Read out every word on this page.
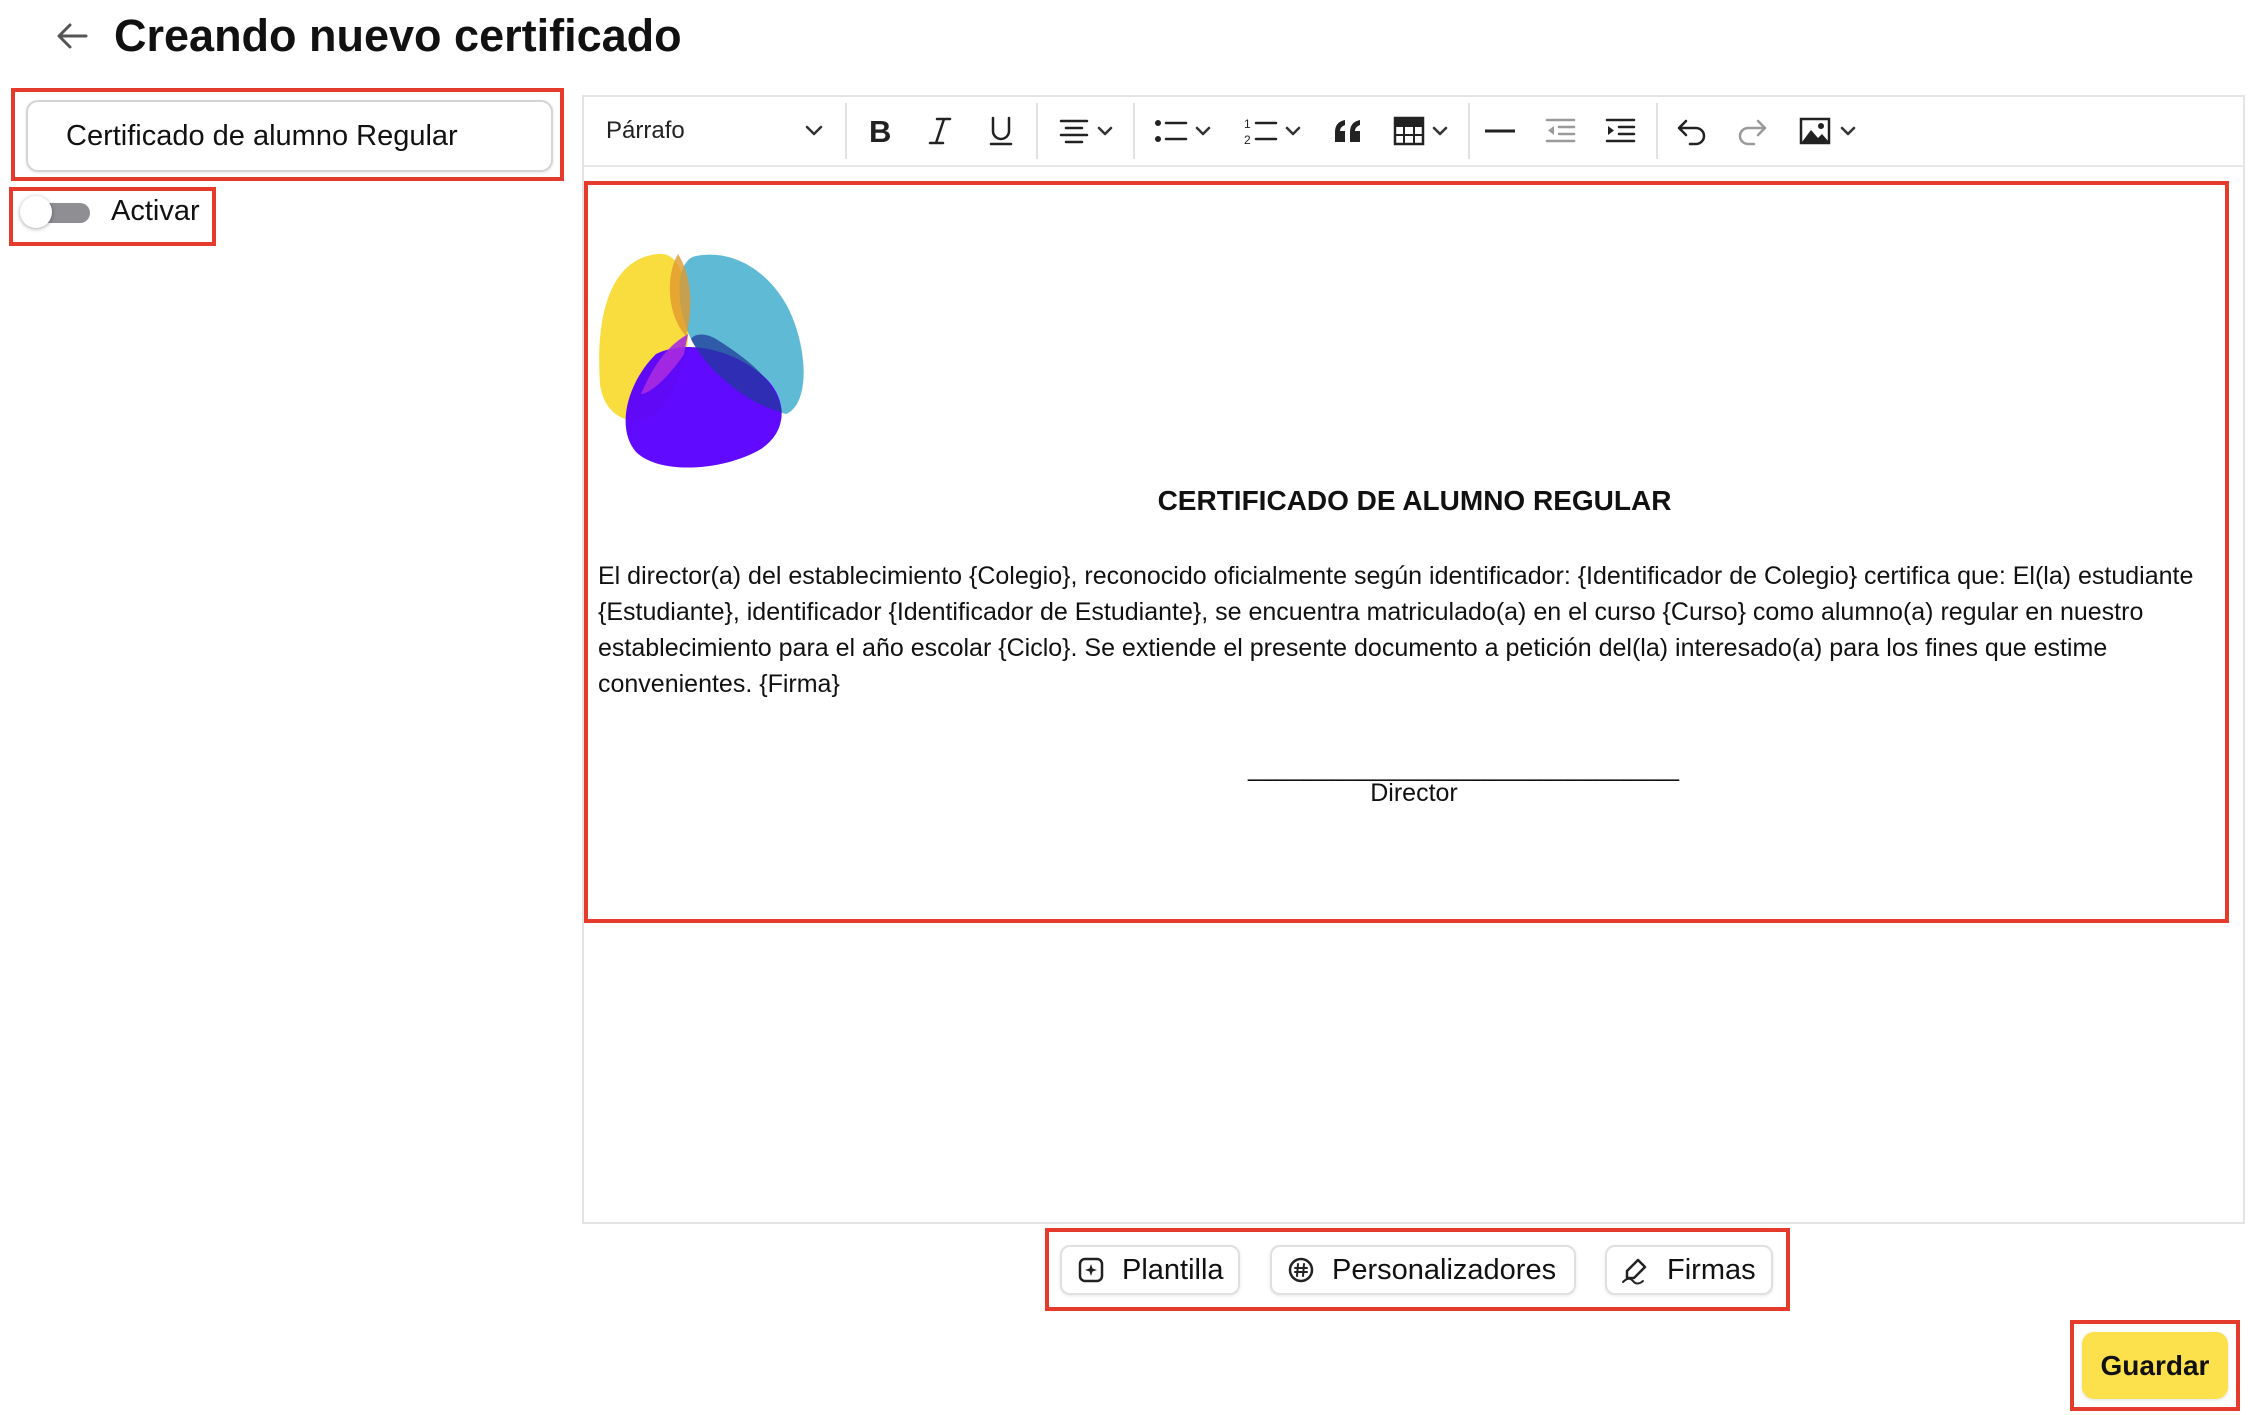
Creando nuevo certificado
Certificado de alumno Regular
Activar
Párrafo	B	1
2
CERTIFICADO DE ALUMNO REGULAR
El director(a) del establecimiento {Colegio}, reconocido oficialmente según identificador: {Identificador de Colegio} certifica que: El(la) estudiante {Estudiante}, identificador {Identificador de Estudiante}, se encuentra matriculado(a) en el curso {Curso} como alumno(a) regular en nuestro establecimiento para el año escolar {Ciclo}. Se extiende el presente documento a petición del(la) interesado(a) para los fines que estime convenientes. {Firma}
_______________________________
Director
Plantilla	Personalizadores	Firmas
Guardar
